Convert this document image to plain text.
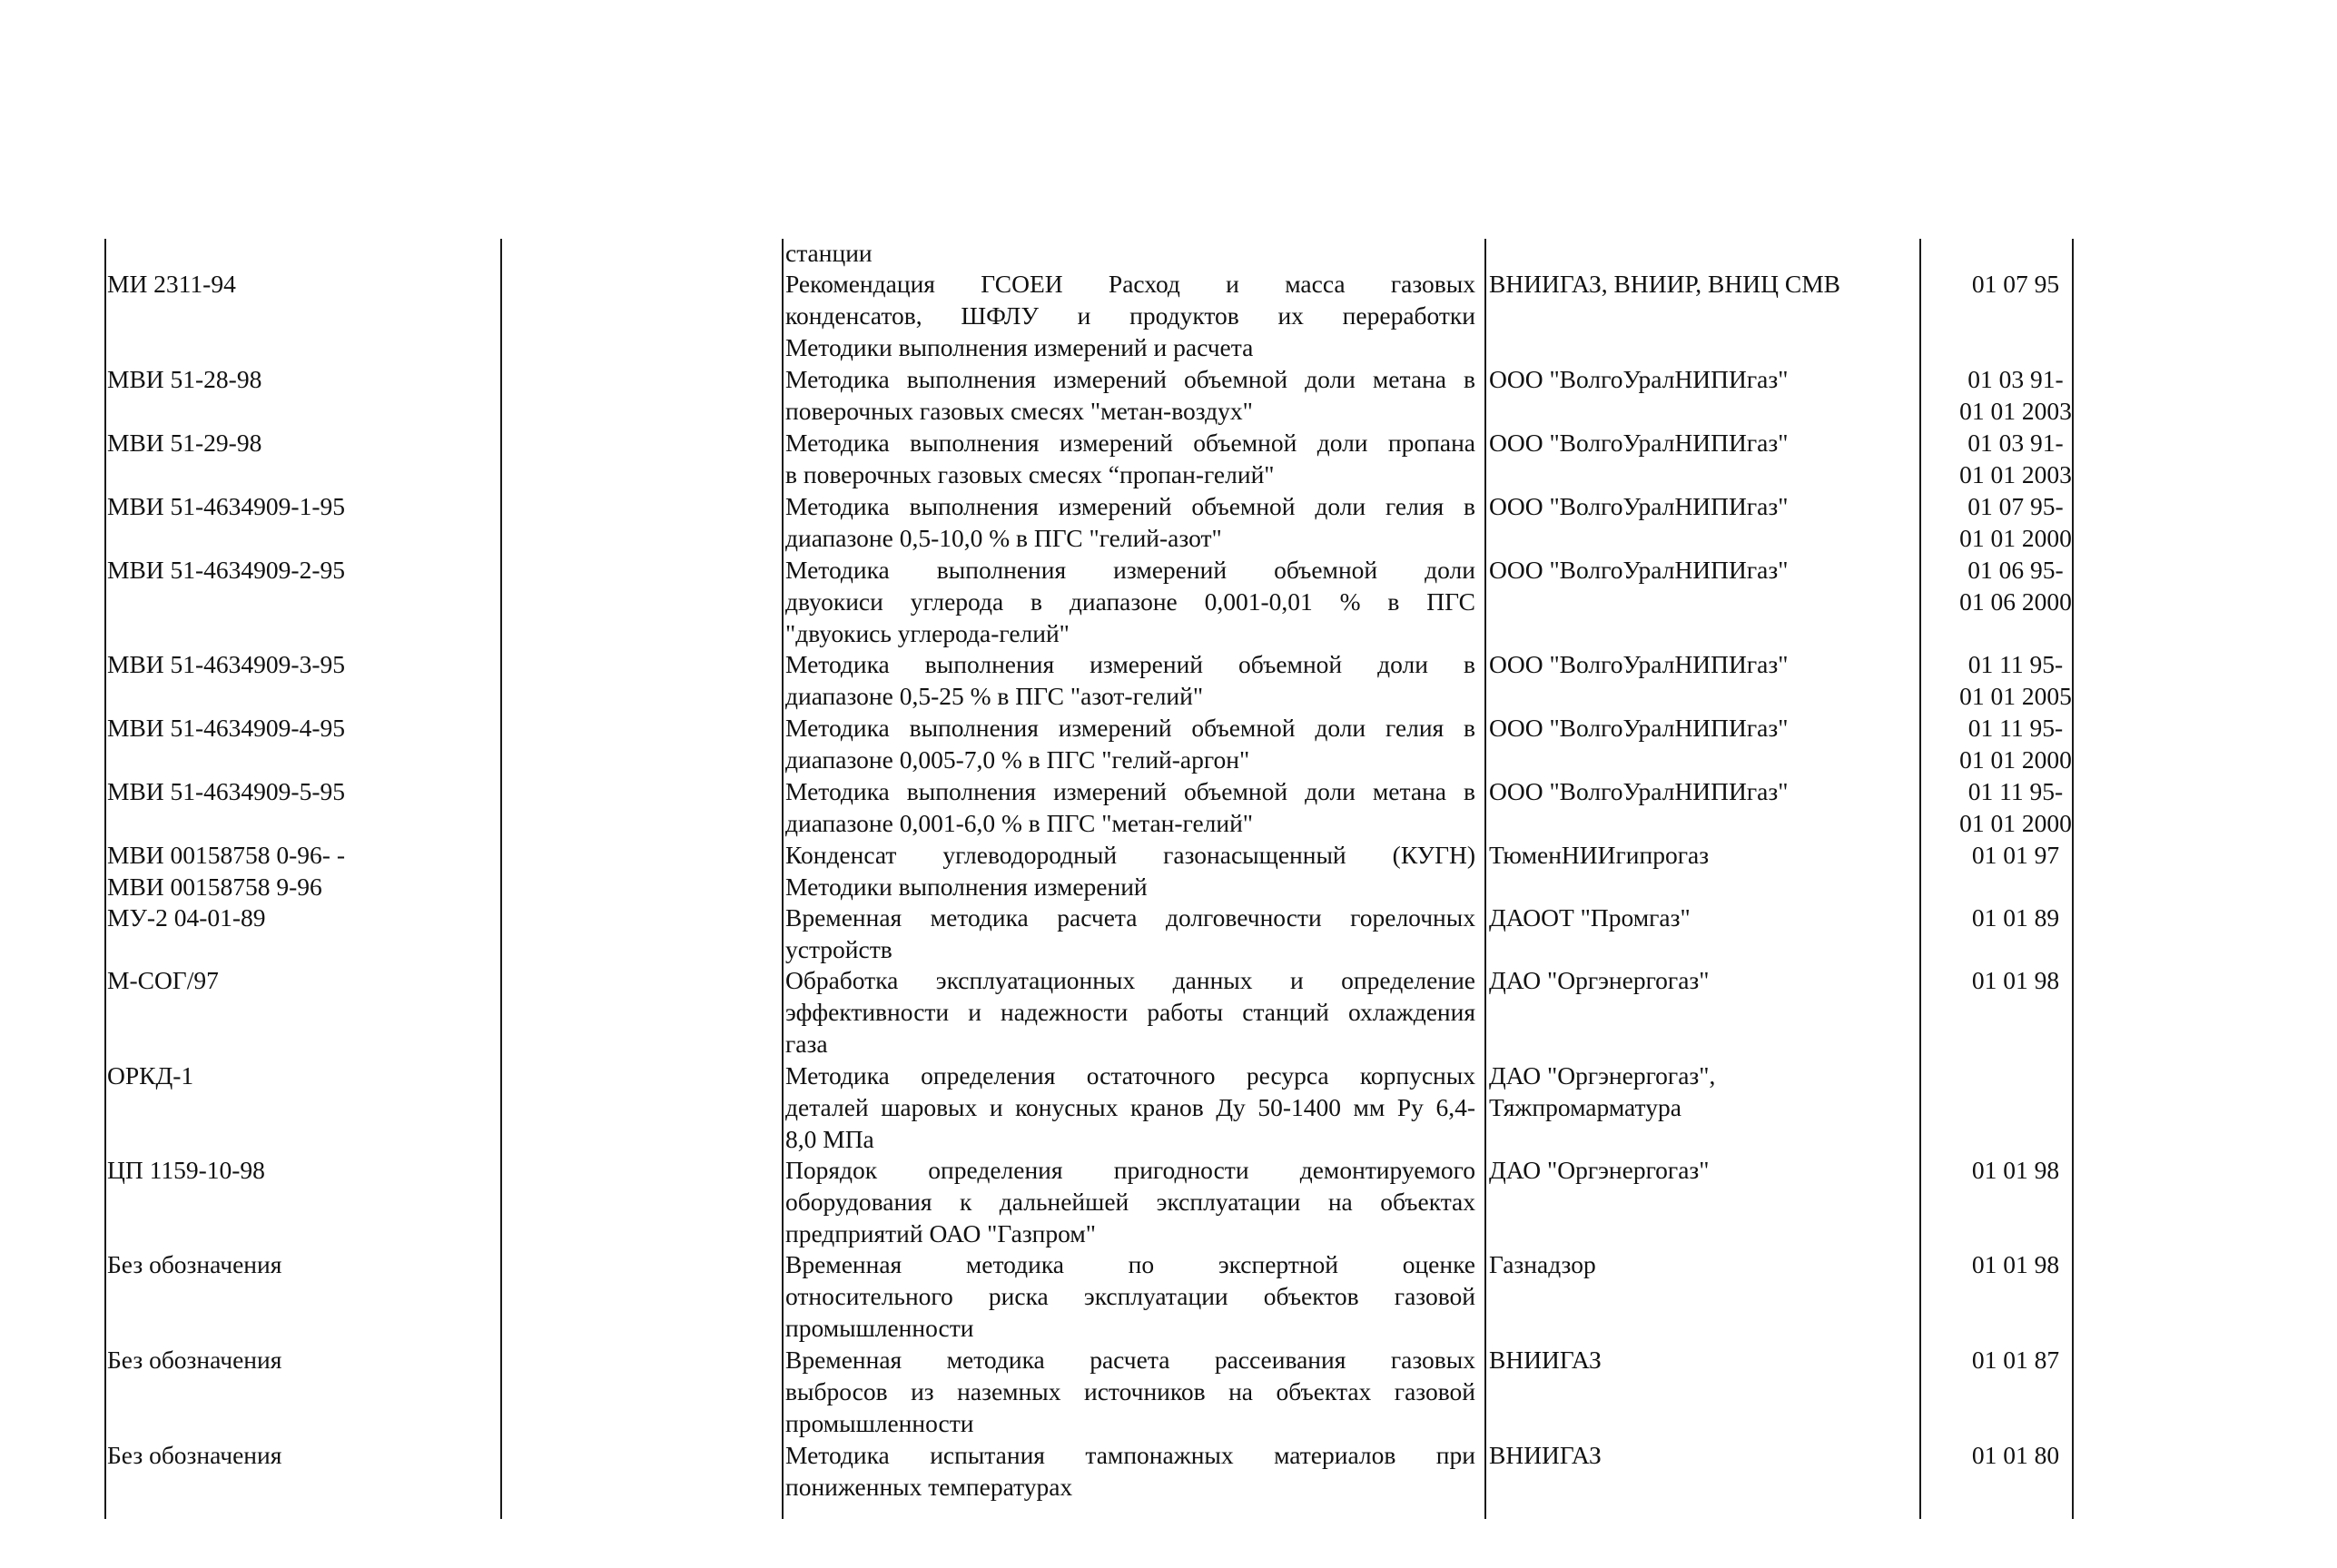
станции
МИ 2311-94	Рекомендация ГСОЕИ Расход и масса газовых
конденсатов, ШФЛУ и продуктов их переработки
Методики выполнения измерений и расчета
ВНИИГАЗ, ВНИИР, ВНИЦ СМВ	01 07 95
МВИ 51-28-98	Методика выполнения измерений объемной доли метана в
поверочных газовых смесях "метан-воздух"
ООО "ВолгоУралНИПИгаз"	01 03 91-
01 01 2003
МВИ 51-29-98	Методика выполнения измерений объемной доли пропана
в поверочных газовых смесях “пропан-гелий"
ООО "ВолгоУралНИПИгаз"	01 03 91-
01 01 2003
МВИ 51-4634909-1-95	Методика выполнения измерений объемной доли гелия в
диапазоне 0,5-10,0 % в ПГС "гелий-азот"
ООО "ВолгоУралНИПИгаз"	01 07 95-
01 01 2000
МВИ 51-4634909-2-95	Методика выполнения измерений объемной доли
двуокиси углерода в диапазоне 0,001-0,01 % в ПГС
"двуокись углерода-гелий"
ООО "ВолгоУралНИПИгаз"	01 06 95-
01 06 2000
МВИ 51-4634909-3-95	Методика выполнения измерений объемной доли в
диапазоне 0,5-25 % в ПГС "азот-гелий"
ООО "ВолгоУралНИПИгаз"	01 11 95-
01 01 2005
МВИ 51-4634909-4-95	Методика выполнения измерений объемной доли гелия в
диапазоне 0,005-7,0 % в ПГС "гелий-аргон"
ООО "ВолгоУралНИПИгаз"	01 11 95-
01 01 2000
МВИ 51-4634909-5-95	Методика выполнения измерений объемной доли метана в
диапазоне 0,001-6,0 % в ПГС "метан-гелий"
ООО "ВолгоУралНИПИгаз"	01 11 95-
01 01 2000
МВИ 00158758 0-96- -
МВИ 00158758 9-96
Конденсат углеводородный газонасыщенный (КУГН)
Методики выполнения измерений
ТюменНИИгипрогаз	01 01 97
МУ-2 04-01-89	Временная методика расчета долговечности горелочных
устройств
ДАООТ "Промгаз"	01 01 89
М-СОГ/97	Обработка эксплуатационных данных и определение
эффективности и надежности работы станций охлаждения
газа
ДАО "Оргэнергогаз"	01 01 98
ОРКД-1	Методика определения остаточного ресурса корпусных
деталей шаровых и конусных кранов Ду 50-1400 мм Ру 6,4-
8,0 МПа
ДАО "Оргэнергогаз",
Тяжпромарматура
ЦП 1159-10-98	Порядок определения пригодности демонтируемого
оборудования к дальнейшей эксплуатации на объектах
предприятий ОАО "Газпром"
ДАО "Оргэнергогаз"	01 01 98
Без обозначения	Временная методика по экспертной оценке
относительного риска эксплуатации объектов газовой
промышленности
Газнадзор	01 01 98
Без обозначения	Временная методика расчета рассеивания газовых
выбросов из наземных источников на объектах газовой
промышленности
ВНИИГАЗ	01 01 87
Без обозначения	Методика испытания тампонажных материалов при
пониженных температурах
ВНИИГАЗ	01 01 80
